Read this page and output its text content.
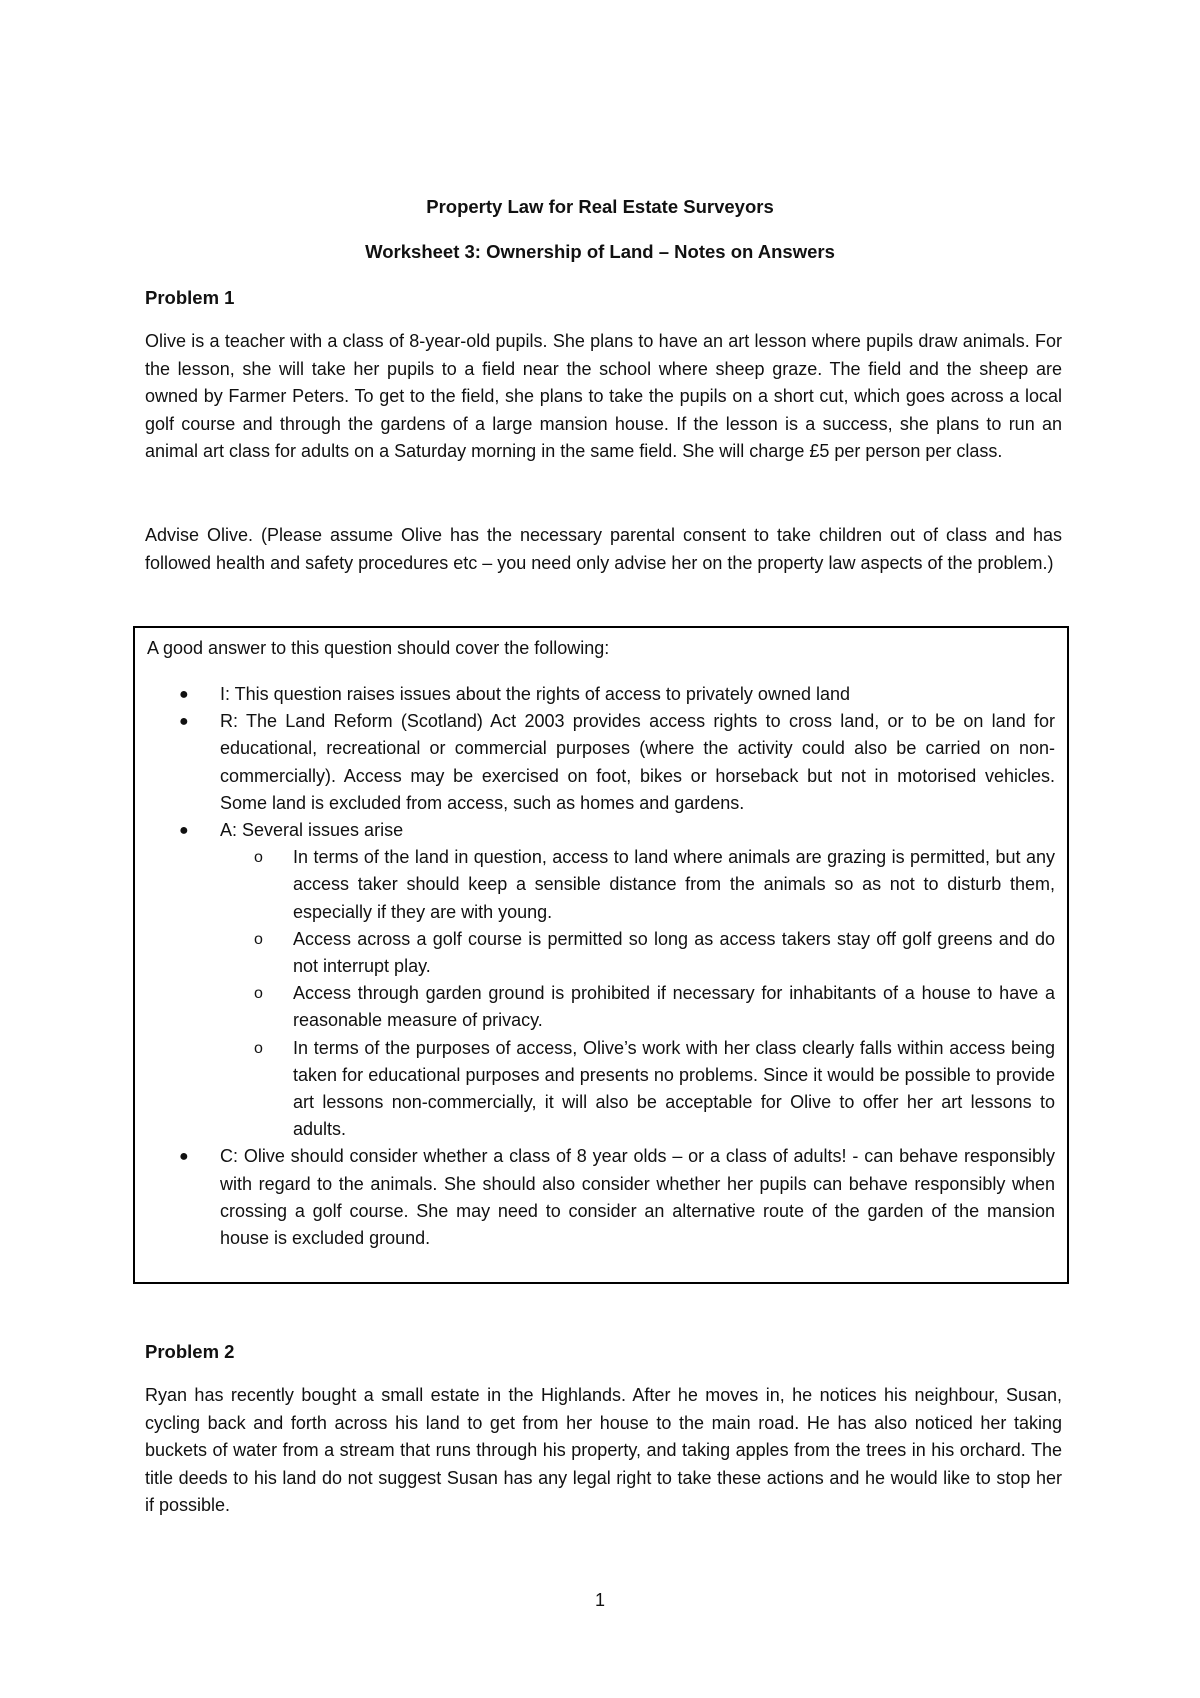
Property Law for Real Estate Surveyors
Worksheet 3: Ownership of Land – Notes on Answers
Problem 1
Olive is a teacher with a class of 8-year-old pupils. She plans to have an art lesson where pupils draw animals. For the lesson, she will take her pupils to a field near the school where sheep graze. The field and the sheep are owned by Farmer Peters. To get to the field, she plans to take the pupils on a short cut, which goes across a local golf course and through the gardens of a large mansion house. If the lesson is a success, she plans to run an animal art class for adults on a Saturday morning in the same field. She will charge £5 per person per class.
Advise Olive. (Please assume Olive has the necessary parental consent to take children out of class and has followed health and safety procedures etc – you need only advise her on the property law aspects of the problem.)
A good answer to this question should cover the following:
● I: This question raises issues about the rights of access to privately owned land
● R: The Land Reform (Scotland) Act 2003 provides access rights to cross land, or to be on land for educational, recreational or commercial purposes (where the activity could also be carried on non-commercially). Access may be exercised on foot, bikes or horseback but not in motorised vehicles. Some land is excluded from access, such as homes and gardens.
● A: Several issues arise
o In terms of the land in question, access to land where animals are grazing is permitted, but any access taker should keep a sensible distance from the animals so as not to disturb them, especially if they are with young.
o Access across a golf course is permitted so long as access takers stay off golf greens and do not interrupt play.
o Access through garden ground is prohibited if necessary for inhabitants of a house to have a reasonable measure of privacy.
o In terms of the purposes of access, Olive’s work with her class clearly falls within access being taken for educational purposes and presents no problems. Since it would be possible to provide art lessons non-commercially, it will also be acceptable for Olive to offer her art lessons to adults.
● C: Olive should consider whether a class of 8 year olds – or a class of adults! - can behave responsibly with regard to the animals. She should also consider whether her pupils can behave responsibly when crossing a golf course. She may need to consider an alternative route of the garden of the mansion house is excluded ground.
Problem 2
Ryan has recently bought a small estate in the Highlands. After he moves in, he notices his neighbour, Susan, cycling back and forth across his land to get from her house to the main road. He has also noticed her taking buckets of water from a stream that runs through his property, and taking apples from the trees in his orchard. The title deeds to his land do not suggest Susan has any legal right to take these actions and he would like to stop her if possible.
1
